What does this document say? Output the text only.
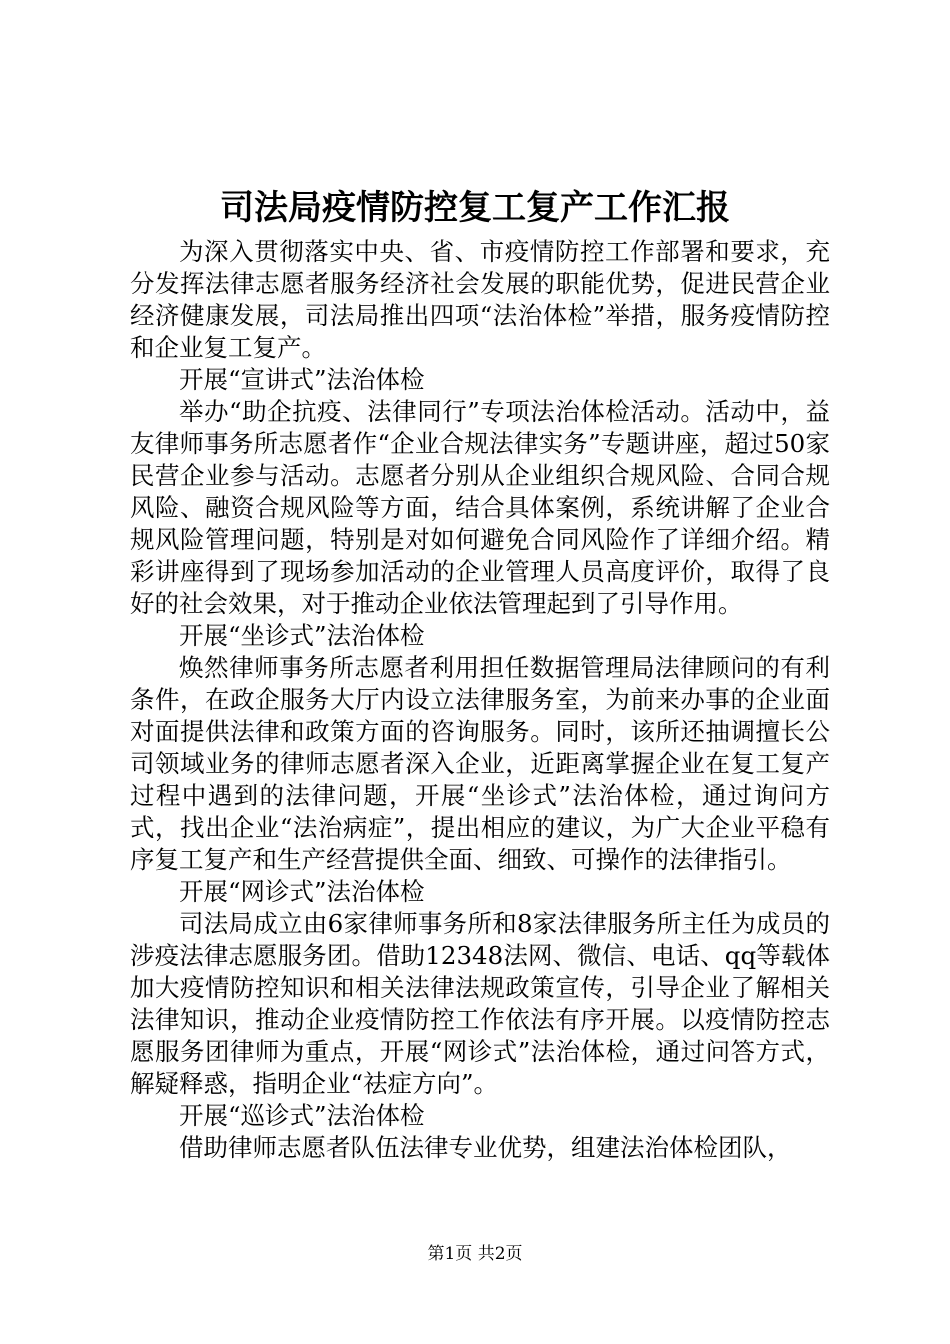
司法局疫情防控复工复产工作汇报

为深入贯彻落实中央、省、市疫情防控工作部署和要求，充分发挥法律志愿者服务经济社会发展的职能优势，促进民营企业经济健康发展，司法局推出四项“法治体检”举措，服务疫情防控和企业复工复产。

开展“宣讲式”法治体检

举办“助企抗疫、法律同行”专项法治体检活动。活动中，益友律师事务所志愿者作“企业合规法律实务”专题讲座，超过50家民营企业参与活动。志愿者分别从企业组织合规风险、合同合规风险、融资合规风险等方面，结合具体案例，系统讲解了企业合规风险管理问题，特别是对如何避免合同风险作了详细介绍。精彩讲座得到了现场参加活动的企业管理人员高度评价，取得了良好的社会效果，对于推动企业依法管理起到了引导作用。

开展“坐诊式”法治体检

焕然律师事务所志愿者利用担任数据管理局法律顾问的有利条件，在政企服务大厅内设立法律服务室，为前来办事的企业面对面提供法律和政策方面的咨询服务。同时，该所还抽调擅长公司领域业务的律师志愿者深入企业，近距离掌握企业在复工复产过程中遇到的法律问题，开展“坐诊式”法治体检，通过询问方式，找出企业“法治病症”，提出相应的建议，为广大企业平稳有序复工复产和生产经营提供全面、细致、可操作的法律指引。

开展“网诊式”法治体检

司法局成立由6家律师事务所和8家法律服务所主任为成员的涉疫法律志愿服务团。借助12348法网、微信、电话、qq等载体加大疫情防控知识和相关法律法规政策宣传，引导企业了解相关法律知识，推动企业疫情防控工作依法有序开展。以疫情防控志愿服务团律师为重点，开展“网诊式”法治体检，通过问答方式，解疑释惑，指明企业“祛症方向”。

开展“巡诊式”法治体检

借助律师志愿者队伍法律专业优势，组建法治体检团队，

第1页 共2页
